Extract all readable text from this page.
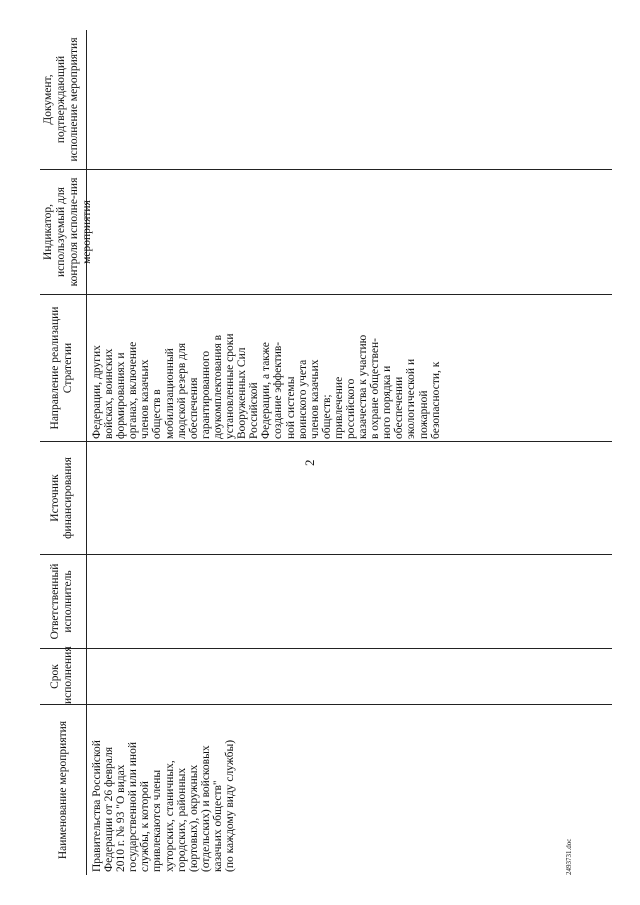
2
Наименование мероприятия
Срок исполнения
Ответственный исполнитель
Источник финансирования
Направление реализации Стратегии
Индикатор, используемый для контроля исполне-ния мероприятия
Документ, подтверждающий исполнение мероприятия
Правительства Российской
Федерации от 26 февраля
2010 г. № 93 "О видах
государственной или иной
службы, к которой
привлекаются члены
хуторских, станичных,
городских, районных
(юртовых), окружных
(отдельских) и войсковых
казачьих обществ"
(по каждому виду службы)
Федерации, других
войсках, воинских
формированиях и
органах, включение
членов казачьих
обществ в
мобилизационный
людской резерв для
обеспечения
гарантированного
доукомплектования в
установленные сроки
Вооруженных Сил
Российской
Федерации, а также
создание эффектив-
ной системы
воинского учета
членов казачьих
обществ;
привлечение
российского
казачества к участию
в охране обществен-
ного порядка и
обеспечении
экологической и
пожарной
безопасности, к
2493731.doc
